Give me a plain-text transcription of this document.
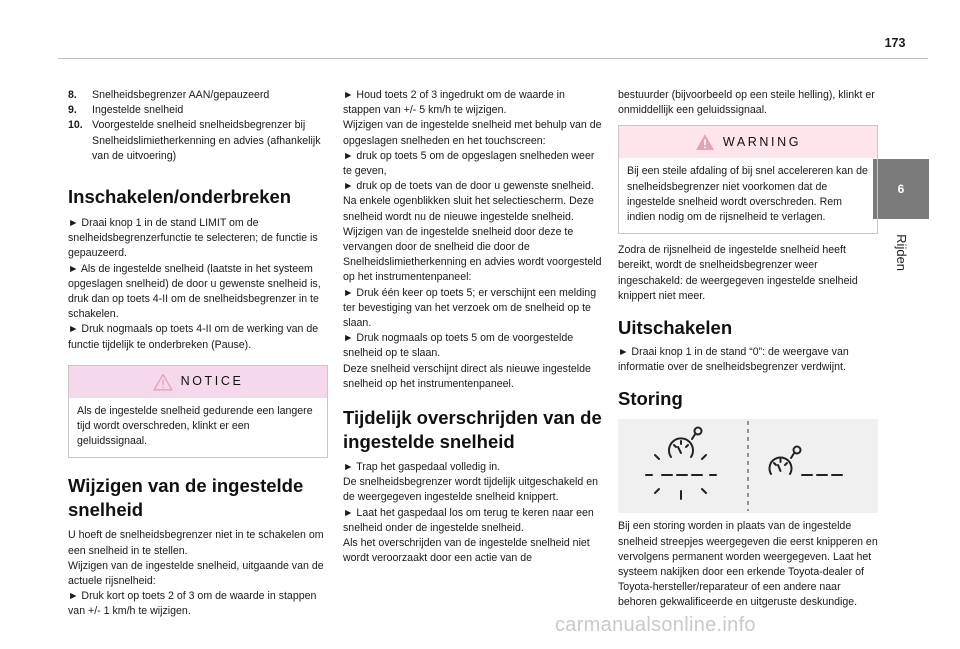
173
6
Rijden
8.	Snelheidsbegrenzer AAN/gepauzeerd
9.	Ingestelde snelheid
10. Voorgestelde snelheid snelheidsbegrenzer bij Snelheidslimietherkenning en advies (afhankelijk van de uitvoering)
Inschakelen/onderbreken

► Draai knop 1 in de stand LIMIT om de snelheidsbegrenzerfunctie te selecteren; de functie is gepauzeerd.

► Als de ingestelde snelheid (laatste in het systeem opgeslagen snelheid) de door u gewenste snelheid is, druk dan op toets 4-II om de snelheidsbegrenzer in te schakelen.

► Druk nogmaals op toets 4-II om de werking van de functie tijdelijk te onderbreken (Pause).

NOTICE
Als de ingestelde snelheid gedurende een langere tijd wordt overschreden, klinkt er een geluidssignaal.
Wijzigen van de ingestelde
snelheid

U hoeft de snelheidsbegrenzer niet in te schakelen om een snelheid in te stellen.

Wijzigen van de ingestelde snelheid, uitgaande van de actuele rijsnelheid:

► Druk kort op toets 2 of 3 om de waarde in stappen van +/- 1 km/h te wijzigen.

► Houd toets 2 of 3 ingedrukt om de waarde in stappen van +/- 5 km/h te wijzigen.

Wijzigen van de ingestelde snelheid met behulp van de opgeslagen snelheden en het touchscreen:

► druk op toets 5 om de opgeslagen snelheden weer te geven,

► druk op de toets van de door u gewenste snelheid.

Na enkele ogenblikken sluit het selectiescherm. Deze snelheid wordt nu de nieuwe ingestelde snelheid.

Wijzigen van de ingestelde snelheid door deze te vervangen door de snelheid die door de Snelheidslimietherkenning en advies wordt voorgesteld op het instrumentenpaneel:

► Druk één keer op toets 5; er verschijnt een melding ter bevestiging van het verzoek om de snelheid op te slaan.

► Druk nogmaals op toets 5 om de voorgestelde snelheid op te slaan.

Deze snelheid verschijnt direct als nieuwe ingestelde snelheid op het instrumentenpaneel.

Tijdelijk overschrijden van de
ingestelde snelheid

► Trap het gaspedaal volledig in.

De snelheidsbegrenzer wordt tijdelijk uitgeschakeld en de weergegeven ingestelde snelheid knippert.

► Laat het gaspedaal los om terug te keren naar een snelheid onder de ingestelde snelheid.

Als het overschrijden van de ingestelde snelheid niet wordt veroorzaakt door een actie van de

bestuurder (bijvoorbeeld op een steile helling), klinkt er onmiddellijk een geluidssignaal.

WARNING
Bij een steile afdaling of bij snel accelereren kan de snelheidsbegrenzer niet voorkomen dat de ingestelde snelheid wordt overschreden. Rem indien nodig om de rijsnelheid te verlagen.

Zodra de rijsnelheid de ingestelde snelheid heeft bereikt, wordt de snelheidsbegrenzer weer ingeschakeld: de weergegeven ingestelde snelheid knippert niet meer.

Uitschakelen

► Draai knop 1 in de stand “0”: de weergave van informatie over de snelheidsbegrenzer verdwijnt.

Storing

Bij een storing worden in plaats van de ingestelde snelheid streepjes weergegeven die eerst knipperen en vervolgens permanent worden weergegeven. Laat het systeem nakijken door een erkende Toyota-dealer of Toyota-hersteller/reparateur of een andere naar behoren gekwalificeerde en uitgeruste deskundige.

carmanualsonline.info
